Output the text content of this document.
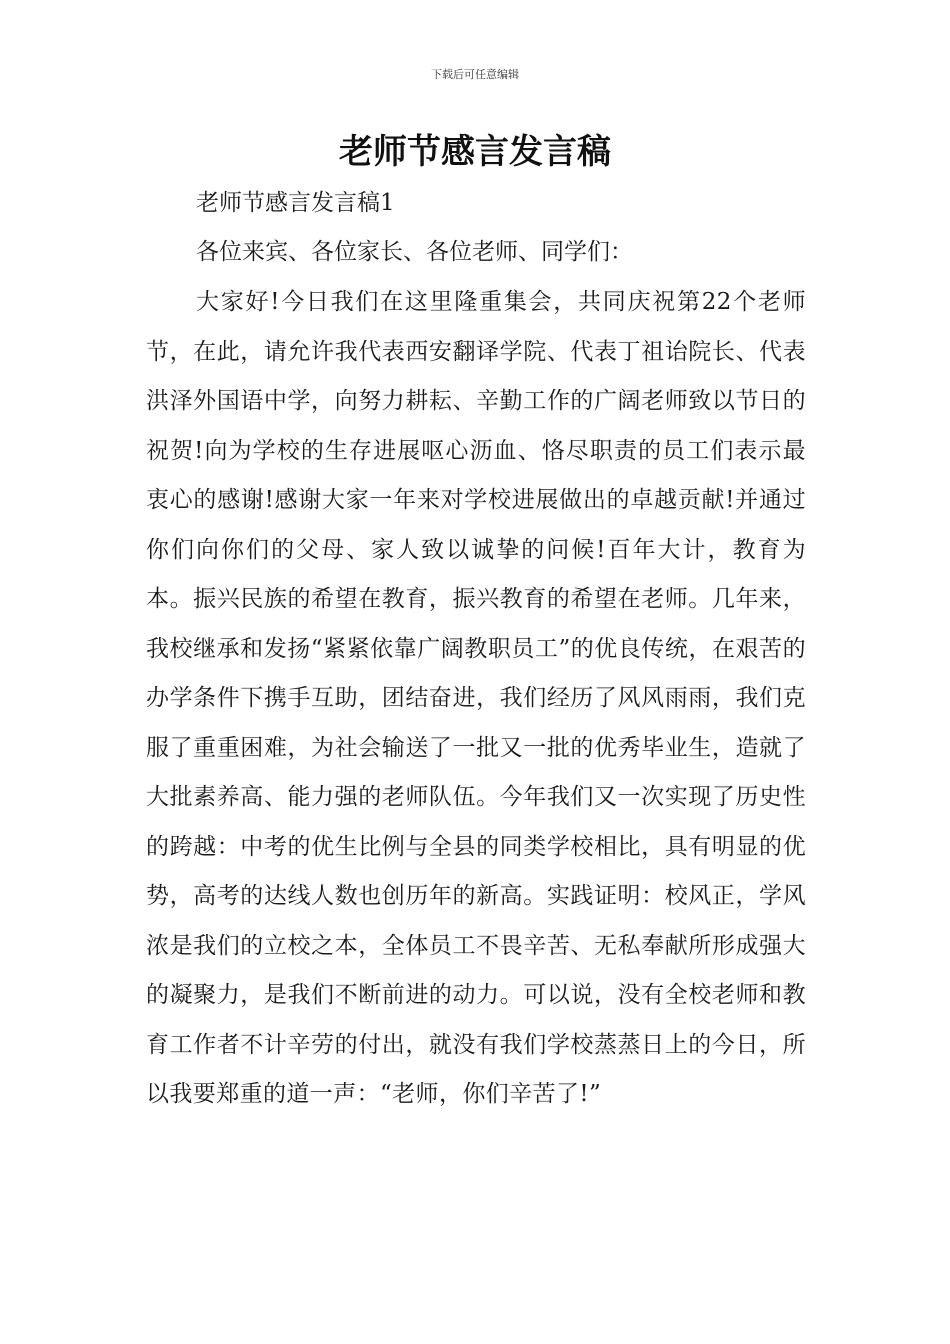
下载后可任意编辑
老师节感言发言稿

老师节感言发言稿1

各位来宾、各位家长、各位老师、同学们：

大家好!今日我们在这里隆重集会，共同庆祝第22个老师节，在此，请允许我代表西安翻译学院、代表丁祖诒院长、代表洪泽外国语中学，向努力耕耘、辛勤工作的广阔老师致以节日的祝贺!向为学校的生存进展呕心沥血、恪尽职责的员工们表示最衷心的感谢!感谢大家一年来对学校进展做出的卓越贡献!并通过你们向你们的父母、家人致以诚挚的问候!百年大计，教育为本。振兴民族的希望在教育，振兴教育的希望在老师。几年来，我校继承和发扬“紧紧依靠广阔教职员工”的优良传统，在艰苦的办学条件下携手互助，团结奋进，我们经历了风风雨雨，我们克服了重重困难，为社会输送了一批又一批的优秀毕业生，造就了大批素养高、能力强的老师队伍。今年我们又一次实现了历史性的跨越：中考的优生比例与全县的同类学校相比，具有明显的优势，高考的达线人数也创历年的新高。实践证明：校风正，学风浓是我们的立校之本，全体员工不畏辛苦、无私奉献所形成强大的凝聚力，是我们不断前进的动力。可以说，没有全校老师和教育工作者不计辛劳的付出，就没有我们学校蒸蒸日上的今日，所以我要郑重的道一声：“老师，你们辛苦了!”
